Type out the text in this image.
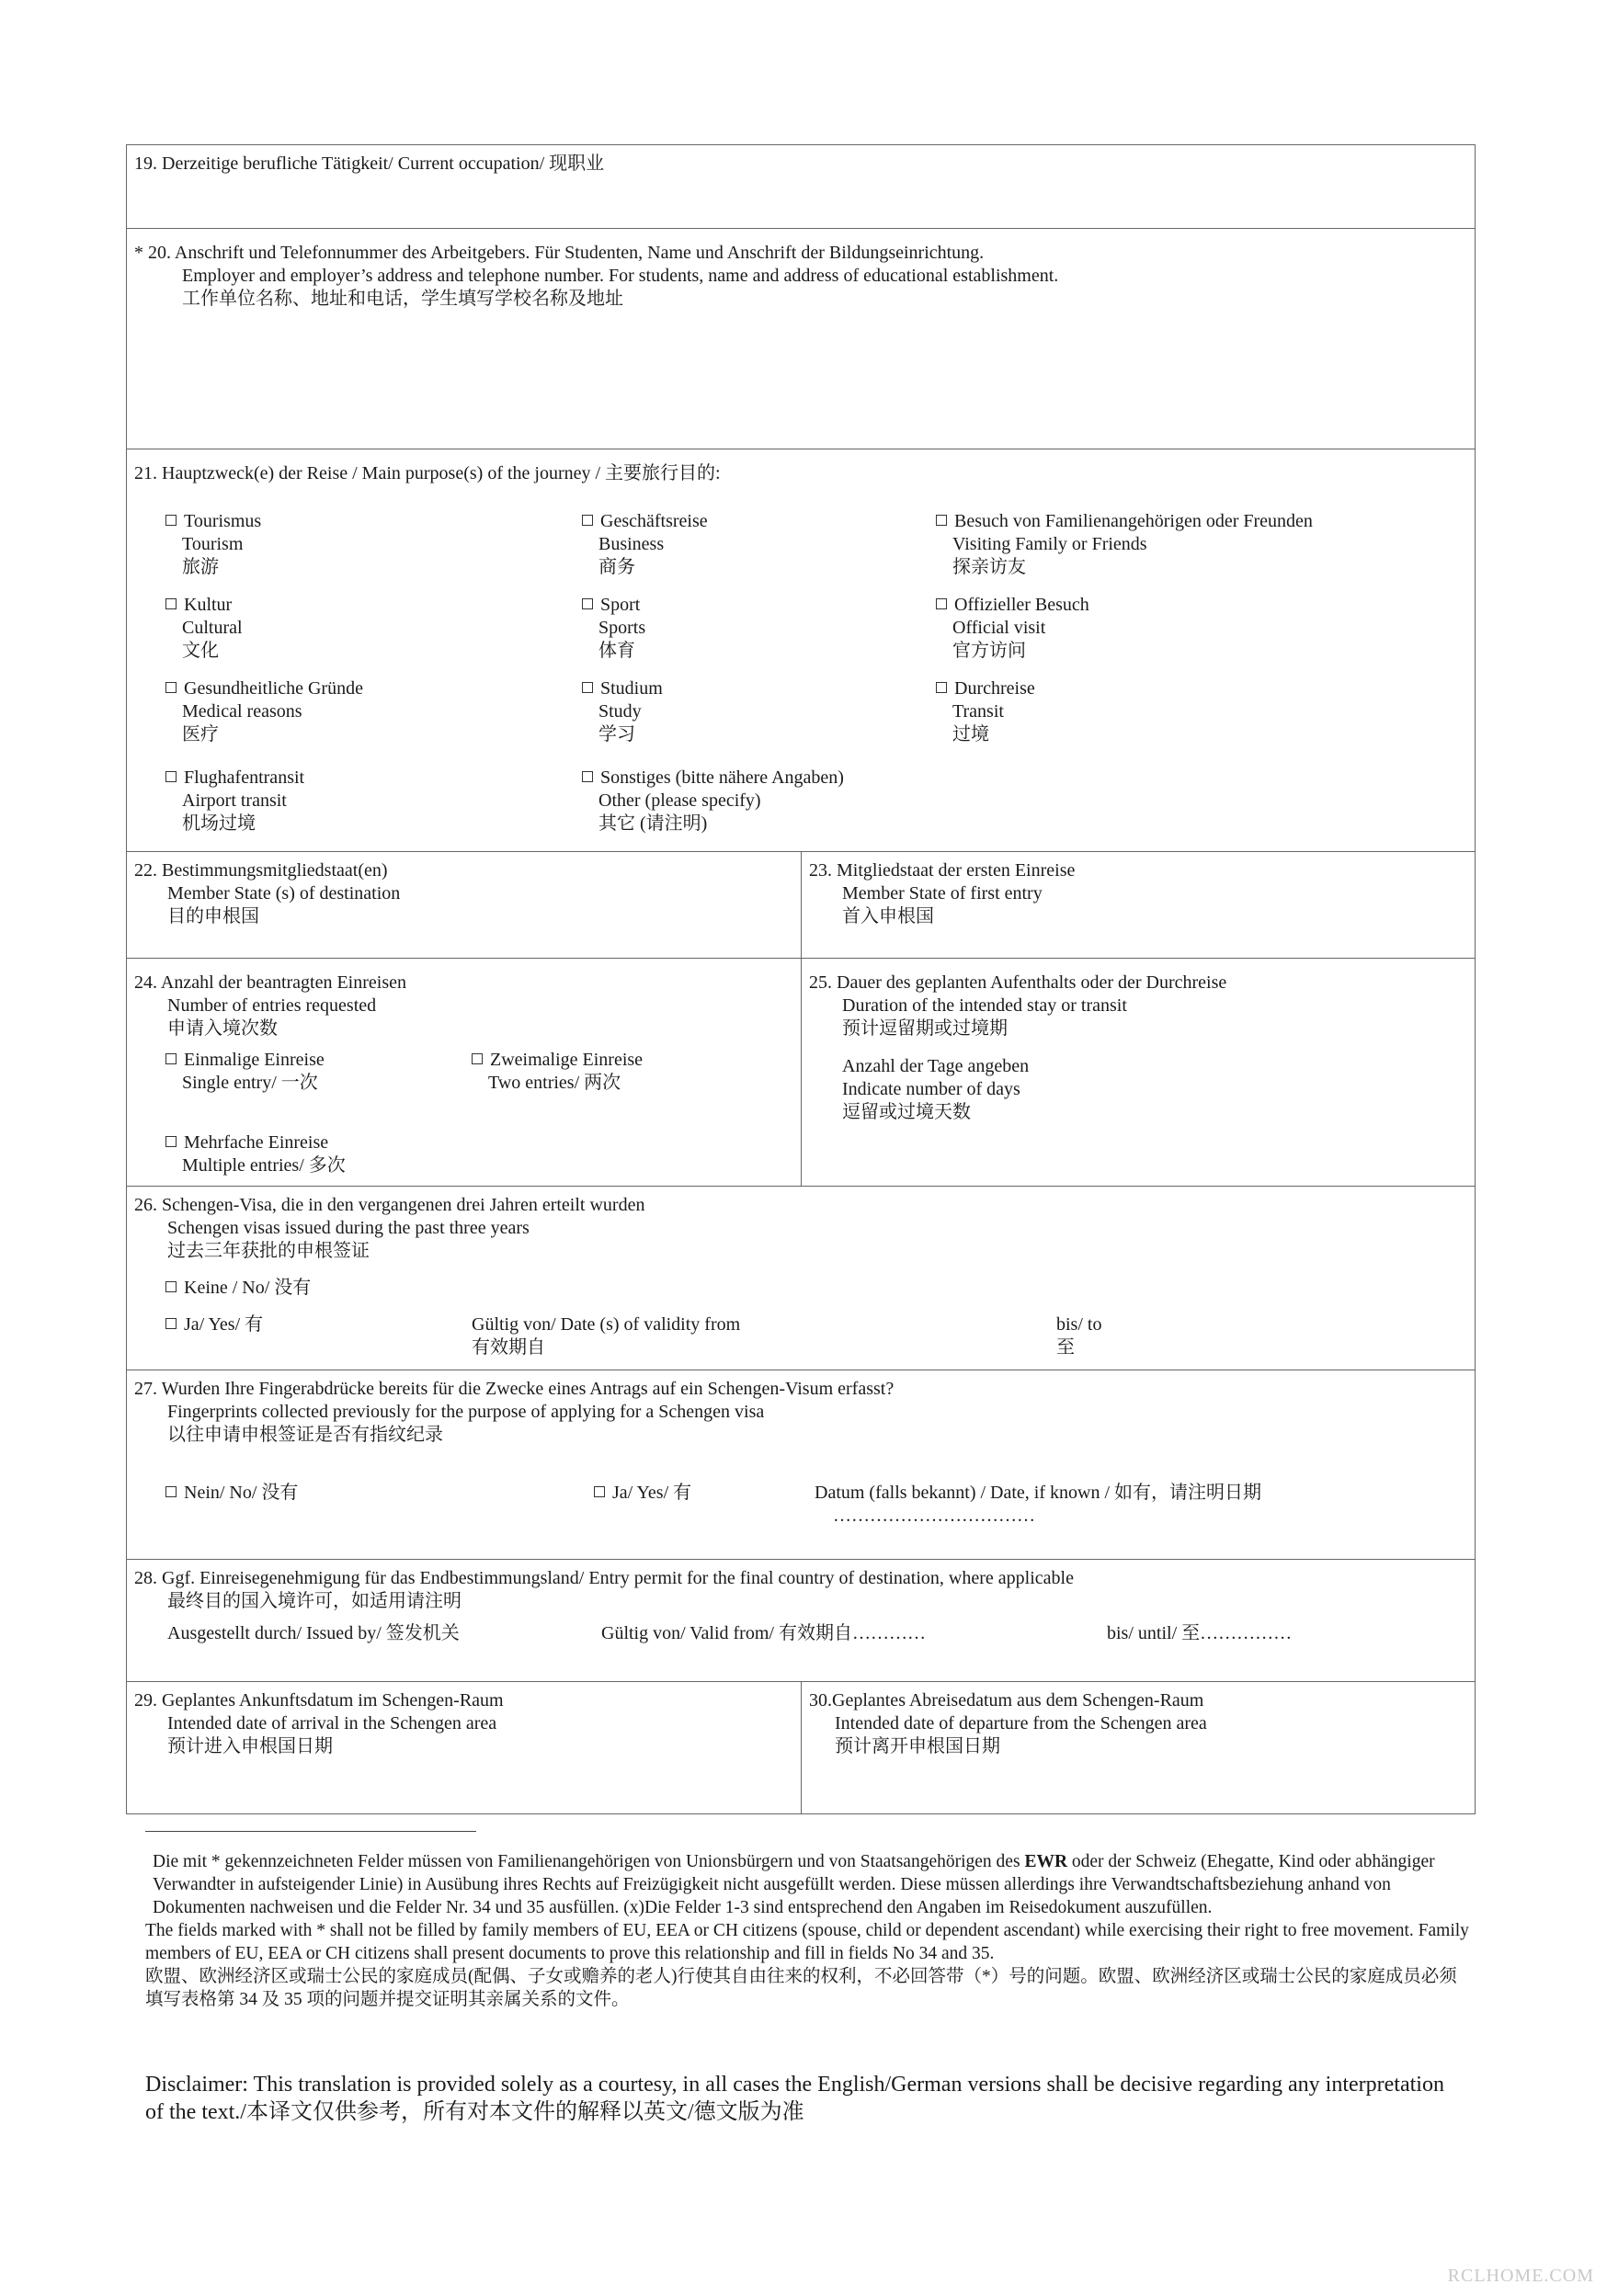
19. Derzeitige berufliche Tätigkeit/ Current occupation/ 现职业
* 20. Anschrift und Telefonnummer des Arbeitgebers. Für Studenten, Name und Anschrift der Bildungseinrichtung.
Employer and employer’s address and telephone number. For students, name and address of educational establishment.
工作单位名称、地址和电话，学生填写学校名称及地址
21. Hauptzweck(e) der Reise / Main purpose(s) of the journey / 主要旅行目的:
Tourismus
Tourism
旅游
Geschäftsreise
Business
商务
Besuch von Familienangehörigen oder Freunden
Visiting Family or Friends
探亲访友
Kultur
Cultural
文化
Sport
Sports
体育
Offizieller Besuch
Official visit
官方访问
Gesundheitliche Gründe
Medical reasons
医疗
Studium
Study
学习
Durchreise
Transit
过境
Flughafentransit
Airport transit
机场过境
Sonstiges (bitte nähere Angaben)
Other (please specify)
其它 (请注明)
22. Bestimmungsmitgliedstaat(en)
Member State (s) of destination
目的申根国
23. Mitgliedstaat der ersten Einreise
Member State of first entry
首入申根国
24. Anzahl der beantragten Einreisen
Number of entries requested
申请入境次数
Einmalige Einreise
Single entry/ 一次
Zweimalige Einreise
Two entries/ 两次
Mehrfache Einreise
Multiple entries/ 多次
25. Dauer des geplanten Aufenthalts oder der Durchreise
Duration of the intended stay or transit
预计逗留期或过境期
Anzahl der Tage angeben
Indicate number of days
逗留或过境天数
26. Schengen-Visa, die in den vergangenen drei Jahren erteilt wurden
Schengen visas issued during the past three years
过去三年获批的申根签证
Keine / No/ 没有
Ja/ Yes/ 有	Gültig von/ Date (s) of validity from
有效期自
bis/ to
至
27. Wurden Ihre Fingerabdrücke bereits für die Zwecke eines Antrags auf ein Schengen-Visum erfasst?
Fingerprints collected previously for the purpose of applying for a Schengen visa
以往申请申根签证是否有指纹纪录
Nein/ No/ 没有	Ja/ Yes/ 有	Datum (falls bekannt) / Date, if known / 如有，请注明日期
……………………………
28. Ggf. Einreisegenehmigung für das Endbestimmungsland/ Entry permit for the final country of destination, where applicable
最终目的国入境许可，如适用请注明
Ausgestellt durch/ Issued by/ 签发机关	Gültig von/ Valid from/ 有效期自…………	bis/ until/ 至……………
29. Geplantes Ankunftsdatum im Schengen-Raum
Intended date of arrival in the Schengen area
预计进入申根国日期
30.Geplantes Abreisedatum aus dem Schengen-Raum
Intended date of departure from the Schengen area
预计离开申根国日期
Die mit * gekennzeichneten Felder müssen von Familienangehörigen von Unionsbürgern und von Staatsangehörigen des EWR oder der Schweiz (Ehegatte, Kind oder abhängiger Verwandter in aufsteigender Linie) in Ausübung ihres Rechts auf Freizügigkeit nicht ausgefüllt werden. Diese müssen allerdings ihre Verwandtschaftsbeziehung anhand von Dokumenten nachweisen und die Felder Nr. 34 und 35 ausfüllen. (x)Die Felder 1-3 sind entsprechend den Angaben im Reisedokument auszufüllen.
The fields marked with * shall not be filled by family members of EU, EEA or CH citizens (spouse, child or dependent ascendant) while exercising their right to free movement. Family members of EU, EEA or CH citizens shall present documents to prove this relationship and fill in fields No 34 and 35.
欧盟、欧洲经济区或瑞士公民的家庭成员(配偶、子女或赡养的老人)行使其自由往来的权利，不必回答带（*）号的问题。欧盟、欧洲经济区或瑞士公民的家庭成员必须填写表格第 34 及 35 项的问题并提交证明其亲属关系的文件。
Disclaimer: This translation is provided solely as a courtesy, in all cases the English/German versions shall be decisive regarding any interpretation of the text./本译文仅供参考，所有对本文件的解释以英文/德文版为准
RCLHOME.COM
